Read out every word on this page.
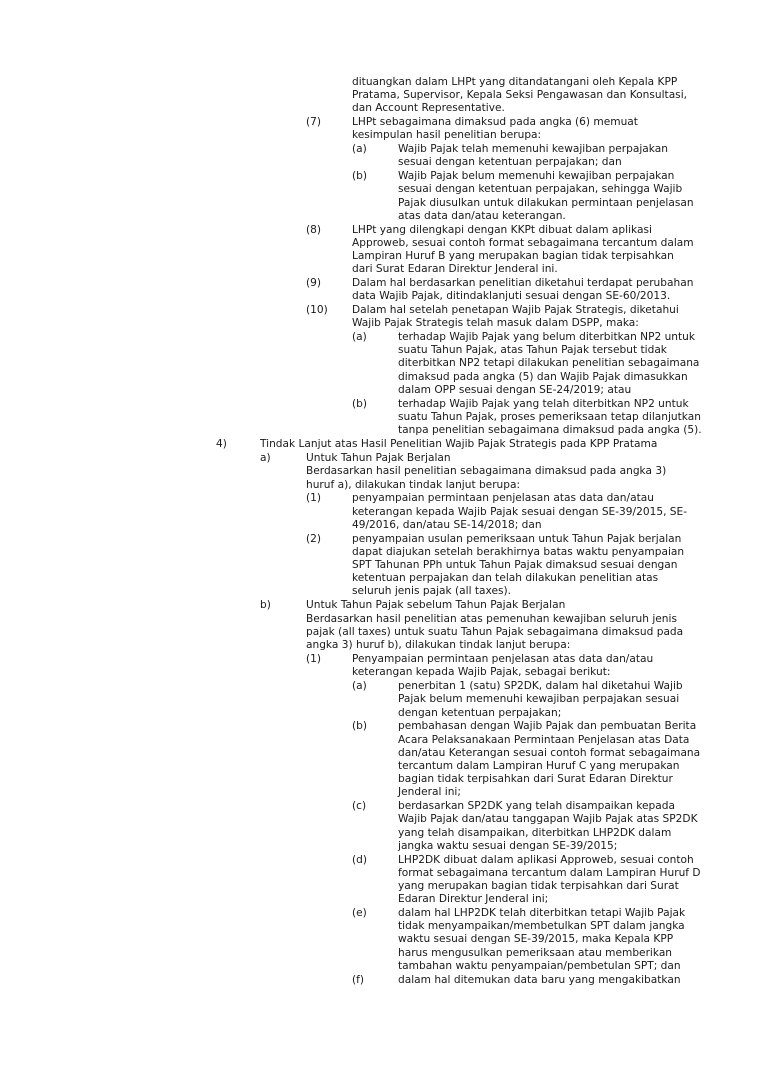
dituangkan dalam LHPt yang ditandatangani oleh Kepala KPP Pratama, Supervisor, Kepala Seksi Pengawasan dan Konsultasi, dan Account Representative.
(7)	LHPt sebagaimana dimaksud pada angka (6) memuat kesimpulan hasil penelitian berupa:
(a)	Wajib Pajak telah memenuhi kewajiban perpajakan sesuai dengan ketentuan perpajakan; dan
(b)	Wajib Pajak belum memenuhi kewajiban perpajakan sesuai dengan ketentuan perpajakan, sehingga Wajib Pajak diusulkan untuk dilakukan permintaan penjelasan atas data dan/atau keterangan.
(8)	LHPt yang dilengkapi dengan KKPt dibuat dalam aplikasi Approweb, sesuai contoh format sebagaimana tercantum dalam Lampiran Huruf B yang merupakan bagian tidak terpisahkan dari Surat Edaran Direktur Jenderal ini.
(9)	Dalam hal berdasarkan penelitian diketahui terdapat perubahan data Wajib Pajak, ditindaklanjuti sesuai dengan SE-60/2013.
(10) Dalam hal setelah penetapan Wajib Pajak Strategis, diketahui Wajib Pajak Strategis telah masuk dalam DSPP, maka:
(a)	terhadap Wajib Pajak yang belum diterbitkan NP2 untuk suatu Tahun Pajak, atas Tahun Pajak tersebut tidak diterbitkan NP2 tetapi dilakukan penelitian sebagaimana dimaksud pada angka (5) dan Wajib Pajak dimasukkan dalam OPP sesuai dengan SE-24/2019; atau
(b)	terhadap Wajib Pajak yang telah diterbitkan NP2 untuk suatu Tahun Pajak, proses pemeriksaan tetap dilanjutkan tanpa penelitian sebagaimana dimaksud pada angka (5).
4)	Tindak Lanjut atas Hasil Penelitian Wajib Pajak Strategis pada KPP Pratama
a)	Untuk Tahun Pajak Berjalan
Berdasarkan hasil penelitian sebagaimana dimaksud pada angka 3) huruf a), dilakukan tindak lanjut berupa:
(1)	penyampaian permintaan penjelasan atas data dan/atau keterangan kepada Wajib Pajak sesuai dengan SE-39/2015, SE-49/2016, dan/atau SE-14/2018; dan
(2)	penyampaian usulan pemeriksaan untuk Tahun Pajak berjalan dapat diajukan setelah berakhirnya batas waktu penyampaian SPT Tahunan PPh untuk Tahun Pajak dimaksud sesuai dengan ketentuan perpajakan dan telah dilakukan penelitian atas seluruh jenis pajak (all taxes).
b)	Untuk Tahun Pajak sebelum Tahun Pajak Berjalan
Berdasarkan hasil penelitian atas pemenuhan kewajiban seluruh jenis pajak (all taxes) untuk suatu Tahun Pajak sebagaimana dimaksud pada angka 3) huruf b), dilakukan tindak lanjut berupa:
(1)	Penyampaian permintaan penjelasan atas data dan/atau keterangan kepada Wajib Pajak, sebagai berikut:
(a)	penerbitan 1 (satu) SP2DK, dalam hal diketahui Wajib Pajak belum memenuhi kewajiban perpajakan sesuai dengan ketentuan perpajakan;
(b)	pembahasan dengan Wajib Pajak dan pembuatan Berita Acara Pelaksanakaan Permintaan Penjelasan atas Data dan/atau Keterangan sesuai contoh format sebagaimana tercantum dalam Lampiran Huruf C yang merupakan bagian tidak terpisahkan dari Surat Edaran Direktur Jenderal ini;
(c)	berdasarkan SP2DK yang telah disampaikan kepada Wajib Pajak dan/atau tanggapan Wajib Pajak atas SP2DK yang telah disampaikan, diterbitkan LHP2DK dalam jangka waktu sesuai dengan SE-39/2015;
(d)	LHP2DK dibuat dalam aplikasi Approweb, sesuai contoh format sebagaimana tercantum dalam Lampiran Huruf D yang merupakan bagian tidak terpisahkan dari Surat Edaran Direktur Jenderal ini;
(e)	dalam hal LHP2DK telah diterbitkan tetapi Wajib Pajak tidak menyampaikan/membetulkan SPT dalam jangka waktu sesuai dengan SE-39/2015, maka Kepala KPP harus mengusulkan pemeriksaan atau memberikan tambahan waktu penyampaian/pembetulan SPT; dan
(f)	dalam hal ditemukan data baru yang mengakibatkan
